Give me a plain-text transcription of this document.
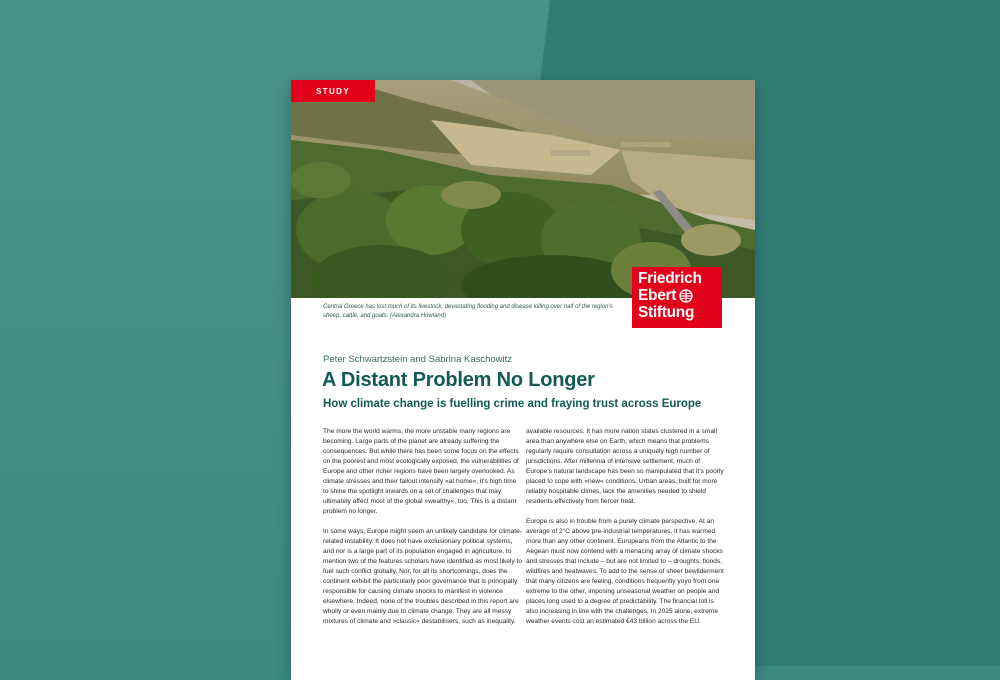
STUDY
Friedrich
Ebert
Stiftung
Central Greece has lost much of its livestock, devastating flooding and disease killing over half of the region’s sheep, cattle, and goats. (Alexandra Howland)
Peter Schwartzstein and Sabrina Kaschowitz
A Distant Problem No Longer
How climate change is fuelling crime and fraying trust across Europe

The more the world warms, the more unstable many regions are becoming. Large parts of the planet are already suffering the consequences. But while there has been some focus on the effects on the poorest and most ecologically exposed, the vulnerabilities of Europe and other richer regions have been largely overlooked. As climate stresses and their fallout intensify »at home«, it’s high time to shine the spotlight inwards on a set of challenges that may ultimately affect most of the global »wealthy«, too. This is a distant problem no longer.

In some ways, Europe might seem an unlikely candidate for climate-related instability. It does not have exclusionary political systems, and nor is a large part of its population engaged in agriculture, to mention two of the features scholars have identified as most likely to fuel such conflict globally. Nor, for all its shortcomings, does the continent exhibit the particularly poor governance that is principally responsible for causing climate shocks to manifest in violence elsewhere. Indeed, none of the troubles described in this report are wholly or even mainly due to climate change. They are all messy mixtures of climate and »classic« destabilisers, such as inequality.

available resources. It has more nation states clustered in a small area than anywhere else on Earth, which means that problems regularly require consultation across a uniquely high number of jurisdictions. After millennia of intensive settlement, much of Europe’s natural landscape has been so manipulated that it’s poorly placed to cope with »new« conditions. Urban areas, built for more reliably hospitable climes, lack the amenities needed to shield residents effectively from fiercer heat.

Europe is also in trouble from a purely climate perspective. At an average of 2°C above pre-industrial temperatures, it has warmed more than any other continent. Europeans from the Atlantic to the Aegean must now contend with a menacing array of climate shocks and stresses that include – but are not limited to – droughts, floods, wildfires and heatwaves. To add to the sense of sheer bewilderment that many citizens are feeling, conditions frequently yoyo from one extreme to the other, imposing unseasonal weather on people and places long used to a degree of predictability. The financial toll is also increasing in line with the challenges. In 2025 alone, extreme weather events cost an estimated €43 billion across the EU.
